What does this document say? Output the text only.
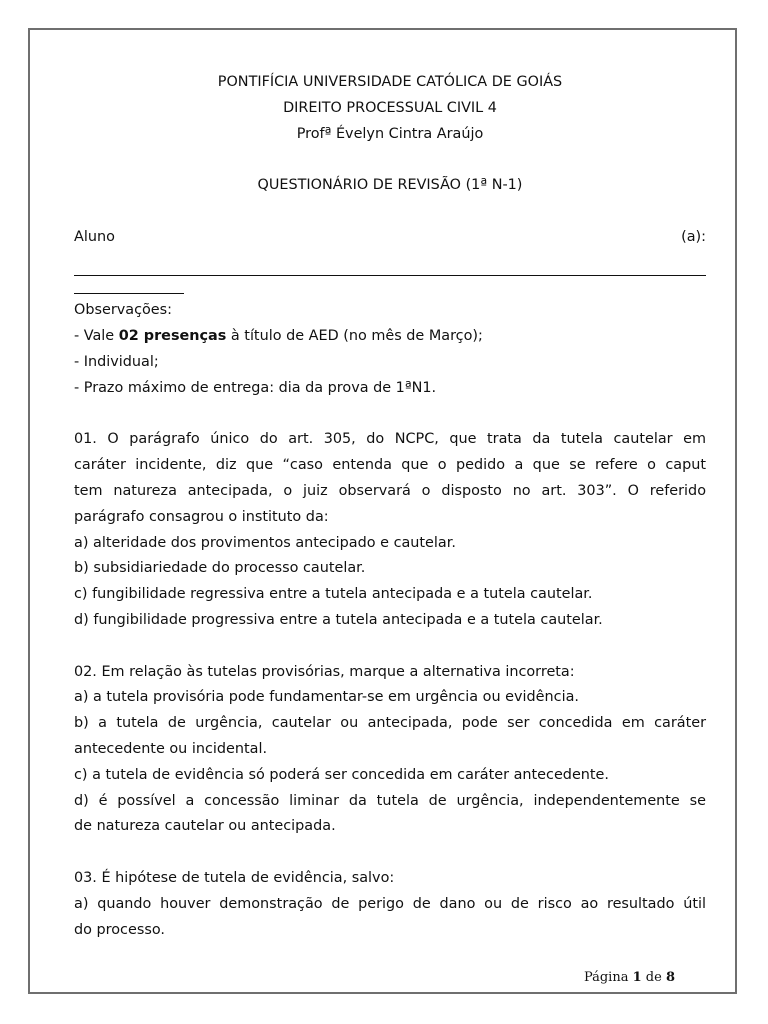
PONTIFÍCIA UNIVERSIDADE CATÓLICA DE GOIÁS
DIREITO PROCESSUAL CIVIL 4
Profª Évelyn Cintra Araújo
QUESTIONÁRIO DE REVISÃO (1ª N-1)
Aluno	(a):
Observações:
- Vale 02 presenças à título de AED (no mês de Março);
- Individual;
- Prazo máximo de entrega: dia da prova de 1ªN1.
01. O parágrafo único do art. 305, do NCPC, que trata da tutela cautelar em
caráter incidente, diz que “caso entenda que o pedido a que se refere o caput
tem natureza antecipada, o juiz observará o disposto no art. 303”. O referido
parágrafo consagrou o instituto da:
a) alteridade dos provimentos antecipado e cautelar.
b) subsidiariedade do processo cautelar.
c) fungibilidade regressiva entre a tutela antecipada e a tutela cautelar.
d) fungibilidade progressiva entre a tutela antecipada e a tutela cautelar.
02. Em relação às tutelas provisórias, marque a alternativa incorreta:
a) a tutela provisória pode fundamentar-se em urgência ou evidência.
b) a tutela de urgência, cautelar ou antecipada, pode ser concedida em caráter
antecedente ou incidental.
c) a tutela de evidência só poderá ser concedida em caráter antecedente.
d) é possível a concessão liminar da tutela de urgência, independentemente se
de natureza cautelar ou antecipada.
03. É hipótese de tutela de evidência, salvo:
a) quando houver demonstração de perigo de dano ou de risco ao resultado útil
do processo.
Página 1 de 8
